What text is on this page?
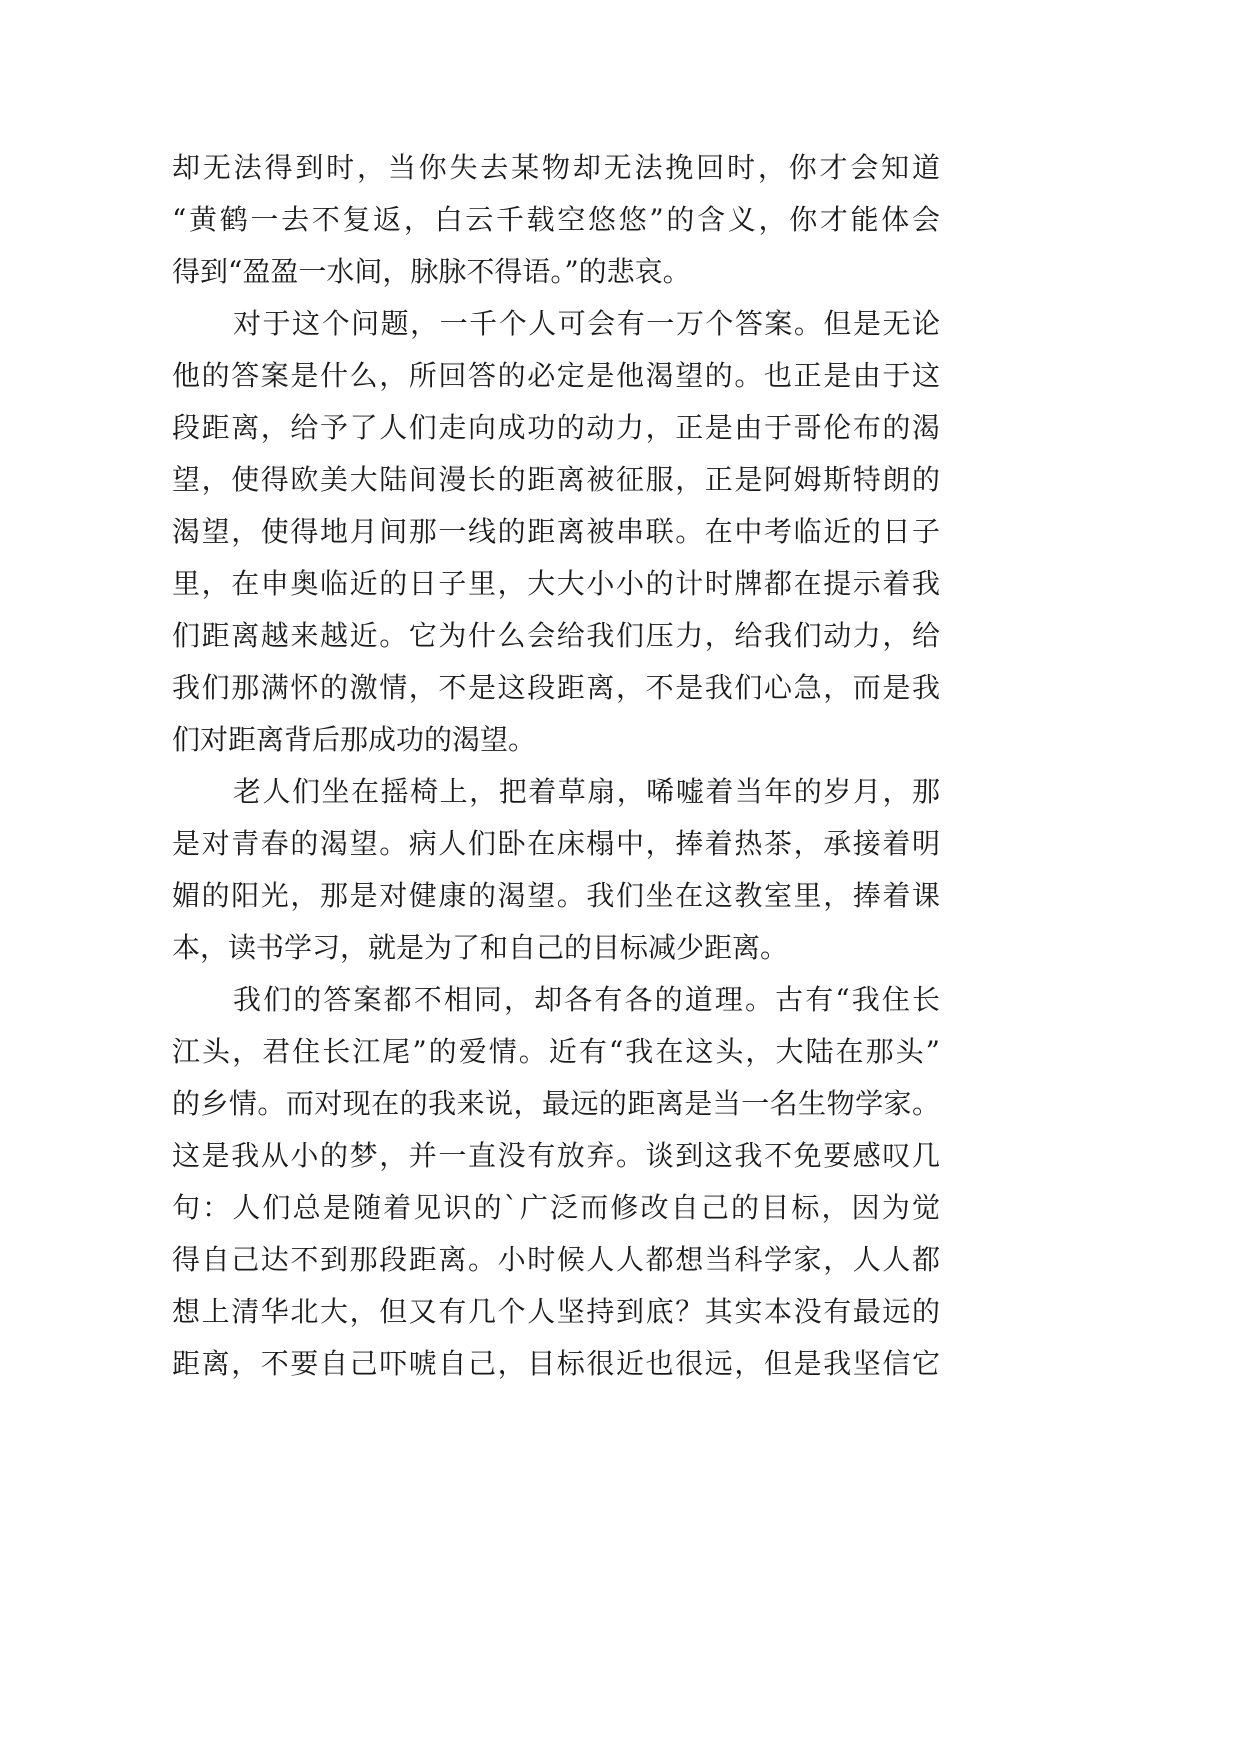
却无法得到时，当你失去某物却无法挽回时，你才会知道
“黄鹤一去不复返，白云千载空悠悠”的含义，你才能体会
得到“盈盈一水间，脉脉不得语。”的悲哀。
对于这个问题，一千个人可会有一万个答案。但是无论
他的答案是什么，所回答的必定是他渴望的。也正是由于这
段距离，给予了人们走向成功的动力，正是由于哥伦布的渴
望，使得欧美大陆间漫长的距离被征服，正是阿姆斯特朗的
渴望，使得地月间那一线的距离被串联。在中考临近的日子
里，在申奥临近的日子里，大大小小的计时牌都在提示着我
们距离越来越近。它为什么会给我们压力，给我们动力，给
我们那满怀的激情，不是这段距离，不是我们心急，而是我
们对距离背后那成功的渴望。
老人们坐在摇椅上，把着草扇，唏嘘着当年的岁月，那
是对青春的渴望。病人们卧在床榻中，捧着热茶，承接着明
媚的阳光，那是对健康的渴望。我们坐在这教室里，捧着课
本，读书学习，就是为了和自己的目标减少距离。
我们的答案都不相同，却各有各的道理。古有“我住长
江头，君住长江尾”的爱情。近有“我在这头，大陆在那头”
的乡情。而对现在的我来说，最远的距离是当一名生物学家。
这是我从小的梦，并一直没有放弃。谈到这我不免要感叹几
句：人们总是随着见识的`广泛而修改自己的目标，因为觉
得自己达不到那段距离。小时候人人都想当科学家，人人都
想上清华北大，但又有几个人坚持到底？其实本没有最远的
距离，不要自己吓唬自己，目标很近也很远，但是我坚信它
